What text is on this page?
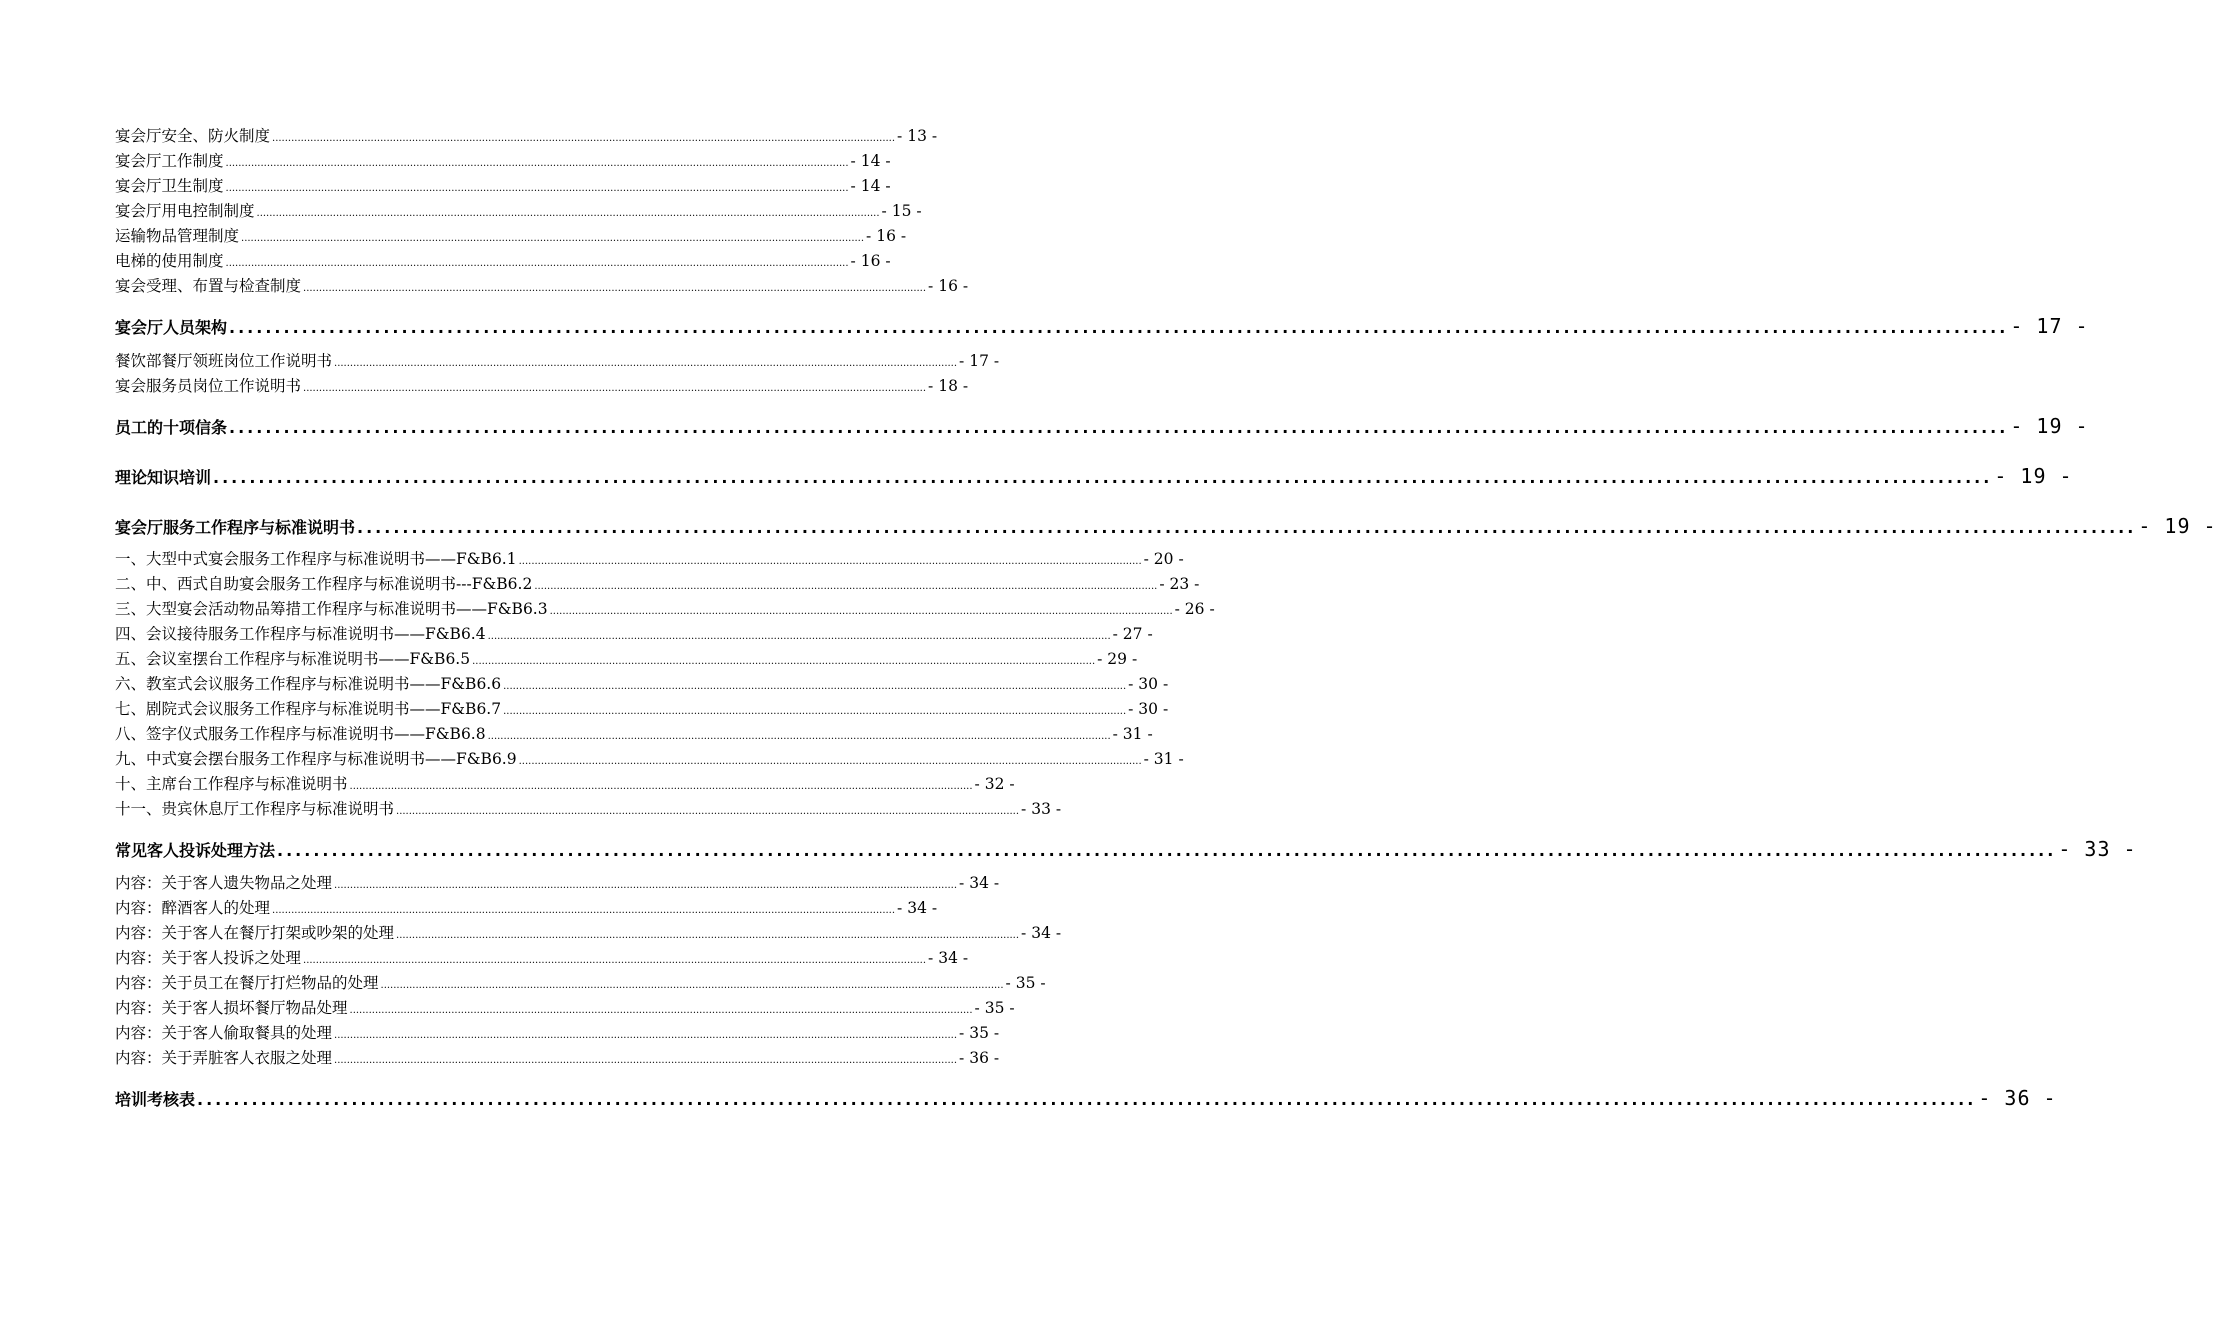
宴会厅安全、防火制度 .................................................................................................................................................................................................... - 13 -
宴会厅工作制度 .................................................................................................................................................................................................... - 14 -
宴会厅卫生制度 .................................................................................................................................................................................................... - 14 -
宴会厅用电控制制度 .................................................................................................................................................................................................... - 15 -
运输物品管理制度 .................................................................................................................................................................................................... - 16 -
电梯的使用制度 .................................................................................................................................................................................................... - 16 -
宴会受理、布置与检查制度 .................................................................................................................................................................................................... - 16 -
宴会厅人员架构 .................................................................................................................................................................................................... - 17 -
餐饮部餐厅领班岗位工作说明书 .................................................................................................................................................................................................... - 17 -
宴会服务员岗位工作说明书 .................................................................................................................................................................................................... - 18 -
员工的十项信条 .................................................................................................................................................................................................... - 19 -
理论知识培训 .................................................................................................................................................................................................... - 19 -
宴会厅服务工作程序与标准说明书 .................................................................................................................................................................................................... - 19 -
一、大型中式宴会服务工作程序与标准说明书——F&B6.1 .................................................................................................................................................................................................... - 20 -
二、中、西式自助宴会服务工作程序与标准说明书---F&B6.2 .................................................................................................................................................................................................... - 23 -
三、大型宴会活动物品筹措工作程序与标准说明书——F&B6.3 .................................................................................................................................................................................................... - 26 -
四、会议接待服务工作程序与标准说明书——F&B6.4 .................................................................................................................................................................................................... - 27 -
五、会议室摆台工作程序与标准说明书——F&B6.5 .................................................................................................................................................................................................... - 29 -
六、教室式会议服务工作程序与标准说明书——F&B6.6 .................................................................................................................................................................................................... - 30 -
七、剧院式会议服务工作程序与标准说明书——F&B6.7 .................................................................................................................................................................................................... - 30 -
八、签字仪式服务工作程序与标准说明书——F&B6.8 .................................................................................................................................................................................................... - 31 -
九、中式宴会摆台服务工作程序与标准说明书——F&B6.9 .................................................................................................................................................................................................... - 31 -
十、主席台工作程序与标准说明书 .................................................................................................................................................................................................... - 32 -
十一、贵宾休息厅工作程序与标准说明书 .................................................................................................................................................................................................... - 33 -
常见客人投诉处理方法 .................................................................................................................................................................................................... - 33 -
内容：关于客人遗失物品之处理 .................................................................................................................................................................................................... - 34 -
内容：醉酒客人的处理 .................................................................................................................................................................................................... - 34 -
内容：关于客人在餐厅打架或吵架的处理 .................................................................................................................................................................................................... - 34 -
内容：关于客人投诉之处理 .................................................................................................................................................................................................... - 34 -
内容：关于员工在餐厅打烂物品的处理 .................................................................................................................................................................................................... - 35 -
内容：关于客人损坏餐厅物品处理 .................................................................................................................................................................................................... - 35 -
内容：关于客人偷取餐具的处理 .................................................................................................................................................................................................... - 35 -
内容：关于弄脏客人衣服之处理 .................................................................................................................................................................................................... - 36 -
培训考核表 .................................................................................................................................................................................................... - 36 -
